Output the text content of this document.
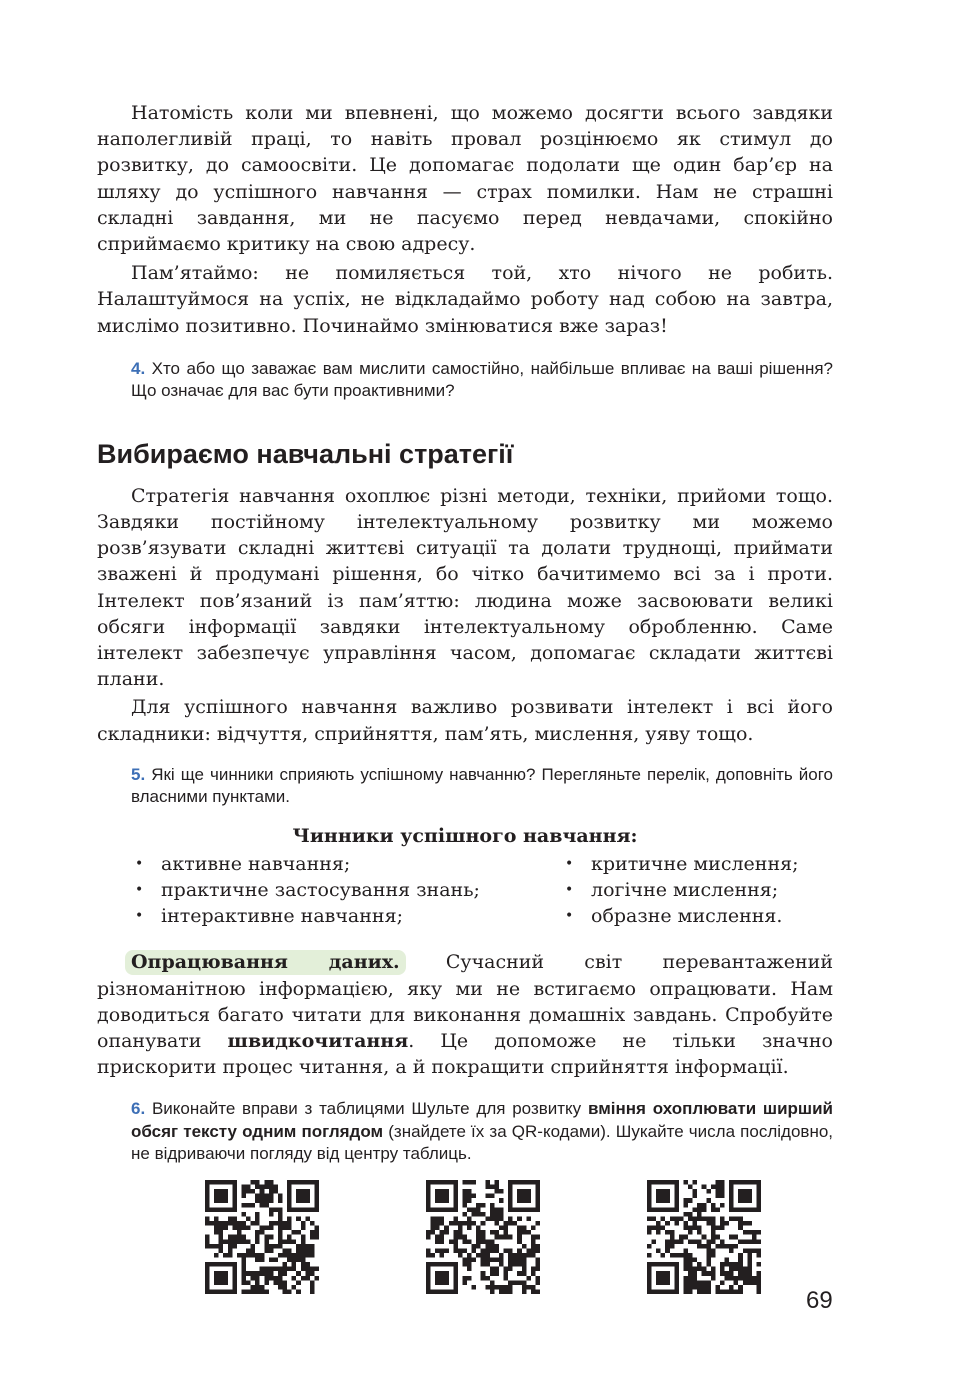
Натомість коли ми впевнені, що можемо досягти всього завдяки наполегливій праці, то навіть провал розцінюємо як стимул до розвитку, до самоосвіти. Це допомагає подолати ще один бар’єр на шляху до успішного навчання — страх помилки. Нам не страшні складні завдання, ми не пасуємо перед невдачами, спокійно сприймаємо критику на свою адресу.

Пам’ятаймо: не помиляється той, хто нічого не робить. Налаштуймося на успіх, не відкладаймо роботу над собою на завтра, мислімо позитивно. Починаймо змінюватися вже зараз!

4. Хто або що заважає вам мислити самостійно, найбільше впливає на ваші рішення? Що означає для вас бути проактивними?
Вибираємо навчальні стратегії

Стратегія навчання охоплює різні методи, техніки, прийоми тощо. Завдяки постійному інтелектуальному розвитку ми можемо розв’язувати складні життєві ситуації та долати труднощі, приймати зважені й продумані рішення, бо чітко бачитимемо всі за і проти. Інтелект пов’язаний із пам’яттю: людина може засвоювати великі обсяги інформації завдяки інтелектуальному обробленню. Саме інтелект забезпечує управління часом, допомагає складати життєві плани.

Для успішного навчання важливо розвивати інтелект і всі його складники: відчуття, сприйняття, пам’ять, мислення, уяву тощо.

5. Які ще чинники сприяють успішному навчанню? Перегляньте перелік, доповніть його власними пунктами.
Чинники успішного навчання:
• активне навчання;
• практичне застосування знань;
• інтерактивне навчання;
• критичне мислення;
• логічне мислення;
• образне мислення.

Опрацювання даних. Сучасний світ перевантажений різноманітною інформацією, яку ми не встигаємо опрацювати. Нам доводиться багато читати для виконання домашніх завдань. Спробуйте опанувати швидкочитання. Це допоможе не тільки значно прискорити процес читання, а й покращити сприйняття інформації.

6. Виконайте вправи з таблицями Шульте для розвитку вміння охоплювати ширший обсяг тексту одним поглядом (знайдете їх за QR-кодами). Шукайте числа послідовно, не відриваючи погляду від центру таблиць.
69
